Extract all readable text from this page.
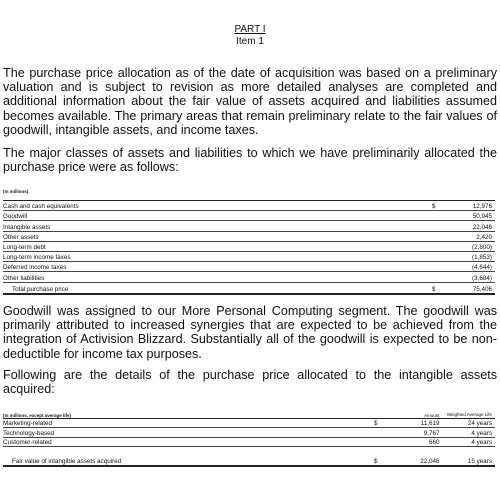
PART I
Item 1

The purchase price allocation as of the date of acquisition was based on a preliminary valuation and is subject to revision as more detailed analyses are completed and additional information about the fair value of assets acquired and liabilities assumed becomes available. The primary areas that remain preliminary relate to the fair values of goodwill, intangible assets, and income taxes.

The major classes of assets and liabilities to which we have preliminarily allocated the purchase price were as follows:

(In millions)
Cash and cash equivalents	$	12,976
Goodwill		50,945
Intangible assets		22,046
Other assets		2,420
Long-term debt		(2,800)
Long-term income taxes		(1,853)
Deferred income taxes		(4,644)
Other liabilities		(3,684)
Total purchase price	$	75,406

Goodwill was assigned to our More Personal Computing segment. The goodwill was primarily attributed to increased synergies that are expected to be achieved from the integration of Activision Blizzard. Substantially all of the goodwill is expected to be non-deductible for income tax purposes.

Following are the details of the purchase price allocated to the intangible assets acquired:

(In millions, except average life)		Amount	Weighted Average Life
Marketing-related	$	11,619	24 years
Technology-based		9,767	4 years
Customer-related		660	4 years
Fair value of intangible assets acquired	$	22,046	15 years
